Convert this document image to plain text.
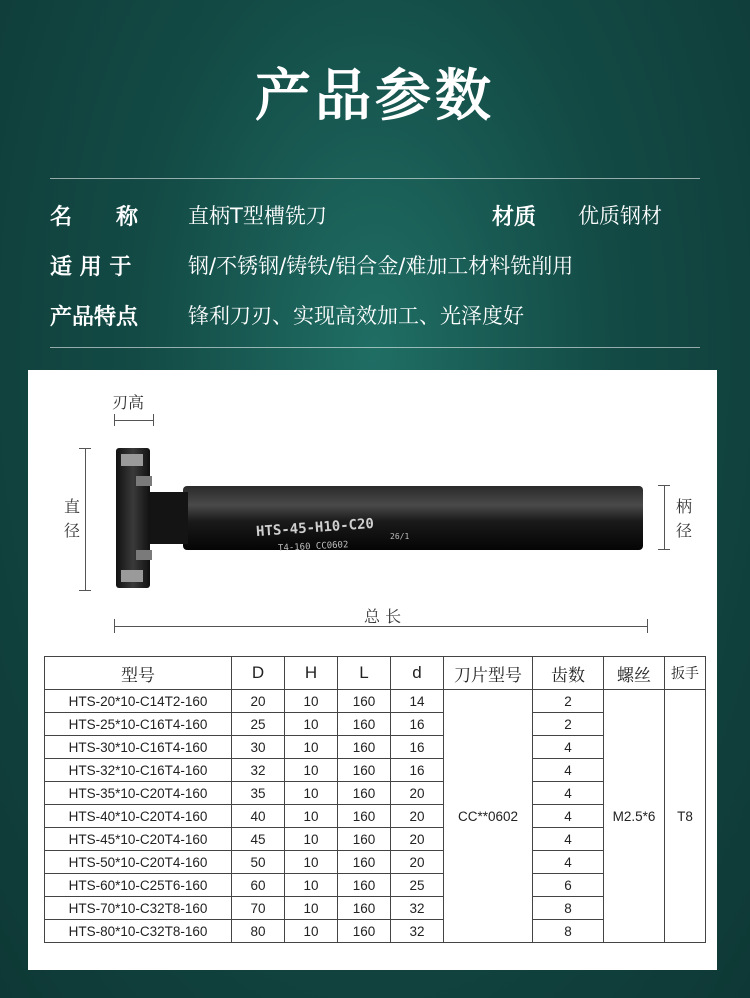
产品参数
名　　称 直柄T型槽铣刀	材质 优质钢材
适 用 于	钢/不锈钢/铸铁/铝合金/难加工材料铣削用
产品特点 锋利刀刃、实现高效加工、光泽度好
刃高
直
径
柄
径
HTS-45-H10-C20 26/1
T4-160 CC0602
总 长
型号	D	H	L	d	刀片型号	齿数	螺丝	扳手
HTS-20*10-C14T2-160	20	10	160	14	CC**0602	2	M2.5*6	T8
HTS-25*10-C16T4-160	25	10	160	16		2		
HTS-30*10-C16T4-160	30	10	160	16		4		
HTS-32*10-C16T4-160	32	10	160	16		4		
HTS-35*10-C20T4-160	35	10	160	20		4		
HTS-40*10-C20T4-160	40	10	160	20		4		
HTS-45*10-C20T4-160	45	10	160	20		4		
HTS-50*10-C20T4-160	50	10	160	20		4		
HTS-60*10-C25T6-160	60	10	160	25		6		
HTS-70*10-C32T8-160	70	10	160	32		8		
HTS-80*10-C32T8-160	80	10	160	32		8		
